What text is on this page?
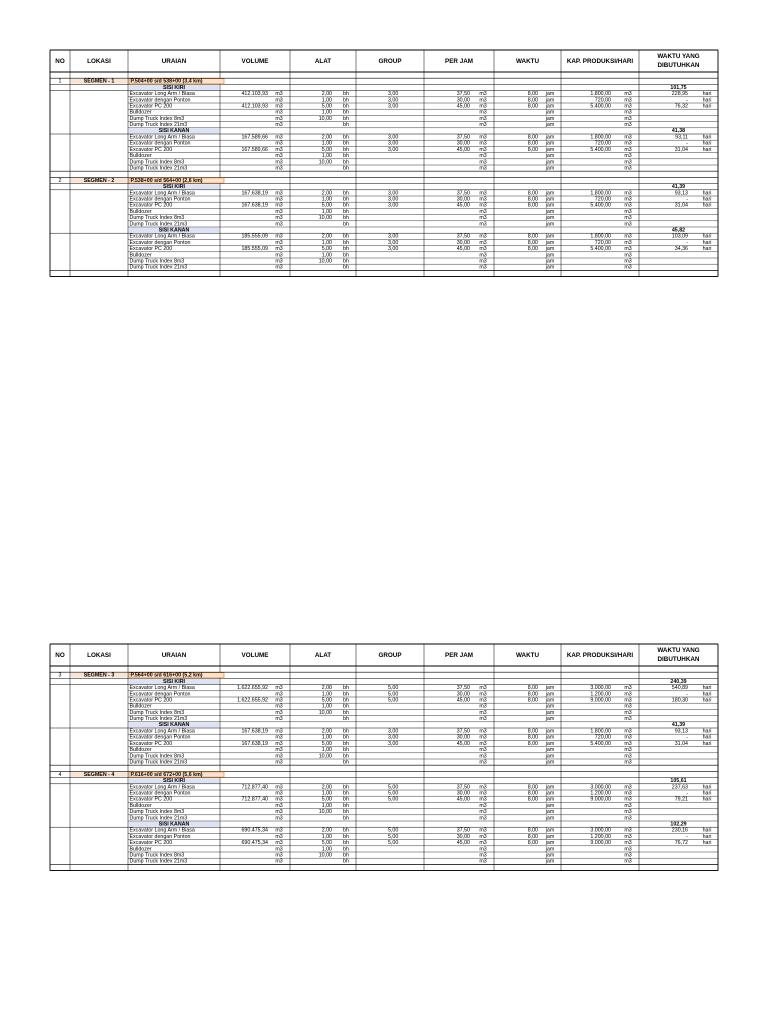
NO	LOKASI	URAIAN	VOLUME	ALAT	GROUP	PER JAM	WAKTU	KAP. PRODUKSI/HARI
WAKTU YANG
DIBUTUHKAN
1	SEGMEN - 1	P.504+00 s/d 538+00 (3,4 km)
SISI KIRI	101,75
Excavator Long Arm / Biasa	412.103,93 m3	2,00 bh	3,00	37,50 m3	8,00 jam	1.800,00	m3	228,95	hari
Excavator dengan Ponton	m3	1,00 bh	3,00	30,00 m3	8,00 jam	720,00	m3	-	hari
Excavator PC 200	412.103,93 m3	5,00 bh	3,00	45,00 m3	8,00 jam	5.400,00	m3	76,32	hari
Bulldozer	m3	1,00 bh	m3	jam	m3
Dump Truck Index 8m3	m3	10,00 bh	m3	jam	m3
Dump Truck Index 21m3	m3	bh	m3	jam	m3
SISI KANAN	41,38
Excavator Long Arm / Biasa	167.589,66 m3	2,00 bh	3,00	37,50 m3	8,00 jam	1.800,00	m3	93,11	hari
Excavator dengan Ponton	m3	1,00 bh	3,00	30,00 m3	8,00 jam	720,00	m3	-	hari
Excavator PC 200	167.589,66 m3	5,00 bh	3,00	45,00 m3	8,00 jam	5.400,00	m3	31,04	hari
Bulldozer	m3	1,00 bh	m3	jam	m3
Dump Truck Index 8m3	m3	10,00 bh	m3	jam	m3
Dump Truck Index 21m3	m3	bh	m3	jam	m3
2	SEGMEN - 2	P.538+00 s/d 564+00 (2,6 km)
SISI KIRI	41,39
Excavator Long Arm / Biasa	167.638,19 m3	2,00 bh	3,00	37,50 m3	8,00 jam	1.800,00	m3	93,13	hari
Excavator dengan Ponton	m3	1,00 bh	3,00	30,00 m3	8,00 jam	720,00	m3	-	hari
Excavator PC 200	167.638,19 m3	5,00 bh	3,00	45,00 m3	8,00 jam	5.400,00	m3	31,04	hari
Bulldozer	m3	1,00 bh	m3	jam	m3
Dump Truck Index 8m3	m3	10,00 bh	m3	jam	m3
Dump Truck Index 21m3	m3	bh	m3	jam	m3
SISI KANAN	45,82
Excavator Long Arm / Biasa	185.555,09 m3	2,00 bh	3,00	37,50 m3	8,00 jam	1.800,00	m3	103,09	hari
Excavator dengan Ponton	m3	1,00 bh	3,00	30,00 m3	8,00 jam	720,00	m3	-	hari
Excavator PC 200	185.555,09 m3	5,00 bh	3,00	45,00 m3	8,00 jam	5.400,00	m3	34,36	hari
Bulldozer	m3	1,00 bh	m3	jam	m3
Dump Truck Index 8m3	m3	10,00 bh	m3	jam	m3
Dump Truck Index 21m3	m3	bh	m3	jam	m3
NO	LOKASI	URAIAN	VOLUME	ALAT	GROUP	PER JAM	WAKTU	KAP. PRODUKSI/HARI
WAKTU YANG
DIBUTUHKAN
3	SEGMEN - 3	P.564+00 s/d 616+00 (5,2 km)
SISI KIRI	240,39
Excavator Long Arm / Biasa	1.622.655,92 m3	2,00 bh	5,00	37,50 m3	8,00 jam	3.000,00	m3	540,89	hari
Excavator dengan Ponton	m3	1,00 bh	5,00	30,00 m3	8,00 jam	1.200,00	m3	-	hari
Excavator PC 200	1.622.655,92 m3	5,00 bh	5,00	45,00 m3	8,00 jam	9.000,00	m3	180,30	hari
Bulldozer	m3	1,00 bh	m3	jam	m3
Dump Truck Index 8m3	m3	10,00 bh	m3	jam	m3
Dump Truck Index 21m3	m3	bh	m3	jam	m3
SISI KANAN	41,39
Excavator Long Arm / Biasa	167.638,19 m3	2,00 bh	3,00	37,50 m3	8,00 jam	1.800,00	m3	93,13	hari
Excavator dengan Ponton	m3	1,00 bh	3,00	30,00 m3	8,00 jam	720,00	m3	-	hari
Excavator PC 200	167.638,19 m3	5,00 bh	3,00	45,00 m3	8,00 jam	5.400,00	m3	31,04	hari
Bulldozer	m3	1,00 bh	m3	jam	m3
Dump Truck Index 8m3	m3	10,00 bh	m3	jam	m3
Dump Truck Index 21m3	m3	bh	m3	jam	m3
4	SEGMEN - 4	P.616+00 s/d 672+00 (5,6 km)
SISI KIRI	105,61
Excavator Long Arm / Biasa	712.877,40 m3	2,00 bh	5,00	37,50 m3	8,00 jam	3.000,00	m3	237,63	hari
Excavator dengan Ponton	m3	1,00 bh	5,00	30,00 m3	8,00 jam	1.200,00	m3	-	hari
Excavator PC 200	712.877,40 m3	5,00 bh	5,00	45,00 m3	8,00 jam	9.000,00	m3	79,21	hari
Bulldozer	m3	1,00 bh	m3	jam	m3
Dump Truck Index 8m3	m3	10,00 bh	m3	jam	m3
Dump Truck Index 21m3	m3	bh	m3	jam	m3
SISI KANAN	102,29
Excavator Long Arm / Biasa	690.475,34 m3	2,00 bh	5,00	37,50 m3	8,00 jam	3.000,00	m3	230,16	hari
Excavator dengan Ponton	m3	1,00 bh	5,00	30,00 m3	8,00 jam	1.200,00	m3	-	hari
Excavator PC 200	690.475,34 m3	5,00 bh	5,00	45,00 m3	8,00 jam	9.000,00	m3	76,72	hari
Bulldozer	m3	1,00 bh	m3	jam	m3
Dump Truck Index 8m3	m3	10,00 bh	m3	jam	m3
Dump Truck Index 21m3	m3	bh	m3	jam	m3
